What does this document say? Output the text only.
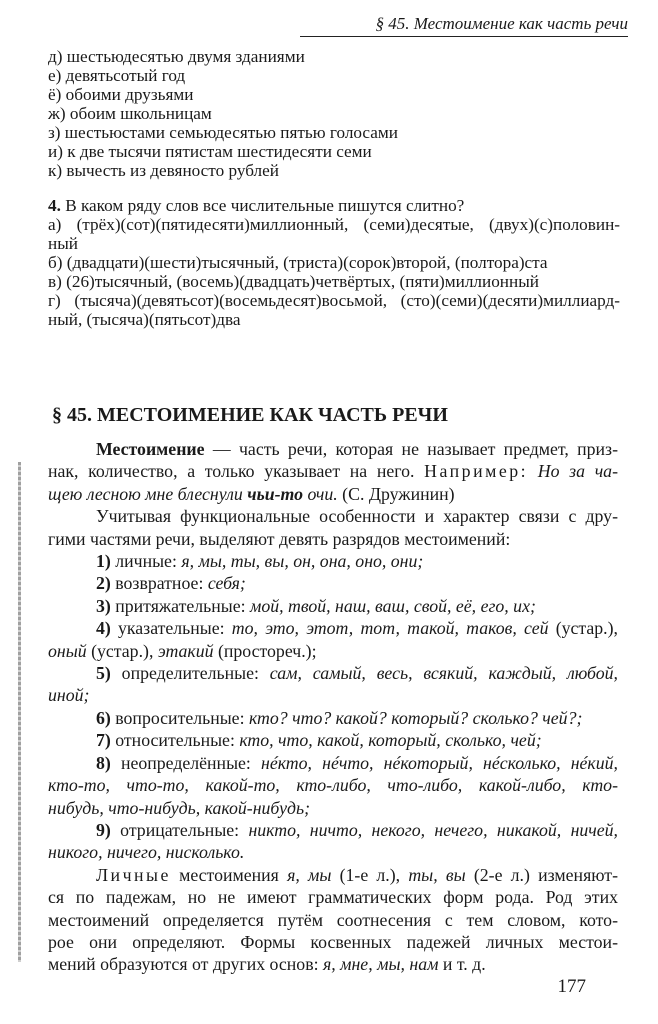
§ 45. Местоимение как часть речи
д) шестьюдесятью двумя зданиями
е) девятьсотый год
ё) обоими друзьями
ж) обоим школьницам
з) шестьюстами семьюдесятью пятью голосами
и) к две тысячи пятистам шестидесяти семи
к) вычесть из девяносто рублей
4. В каком ряду слов все числительные пишутся слитно?
а) (трёх)(сот)(пятидесяти)миллионный, (семи)десятые, (двух)(с)половин-
ный
б) (двадцати)(шести)тысячный, (триста)(сорок)второй, (полтора)ста
в) (26)тысячный, (восемь)(двадцать)четвёртых, (пяти)миллионный
г) (тысяча)(девятьсот)(восемьдесят)восьмой, (сто)(семи)(десяти)миллиард-
ный, (тысяча)(пятьсот)два
§ 45. МЕСТОИМЕНИЕ КАК ЧАСТЬ РЕЧИ
Местоимение — часть речи, которая не называет предмет, приз-
нак, количество, а только указывает на него. Например: Но за ча-
щею лесною мне блеснули чьи-то очи. (С. Дружинин)
Учитывая функциональные особенности и характер связи с дру-
гими частями речи, выделяют девять разрядов местоимений:
1) личные: я, мы, ты, вы, он, она, оно, они;
2) возвратное: себя;
3) притяжательные: мой, твой, наш, ваш, свой, её, его, их;
4) указательные: то, это, этот, тот, такой, таков, сей (устар.),
оный (устар.), этакий (простореч.);
5) определительные: сам, самый, весь, всякий, каждый, любой,
иной;
6) вопросительные: кто? что? какой? который? сколько? чей?;
7) относительные: кто, что, какой, который, сколько, чей;
8) неопределённые: нéкто, нéчто, нéкоторый, нéсколько, нéкий,
кто-то, что-то, какой-то, кто-либо, что-либо, какой-либо, кто-
нибудь, что-нибудь, какой-нибудь;
9) отрицательные: никто, ничто, некого, нечего, никакой, ничей,
никого, ничего, нисколько.
Личные местоимения я, мы (1-е л.), ты, вы (2-е л.) изменяют-
ся по падежам, но не имеют грамматических форм рода. Род этих
местоимений определяется путём соотнесения с тем словом, кото-
рое они определяют. Формы косвенных падежей личных местои-
мений образуются от других основ: я, мне, мы, нам и т. д.
177
